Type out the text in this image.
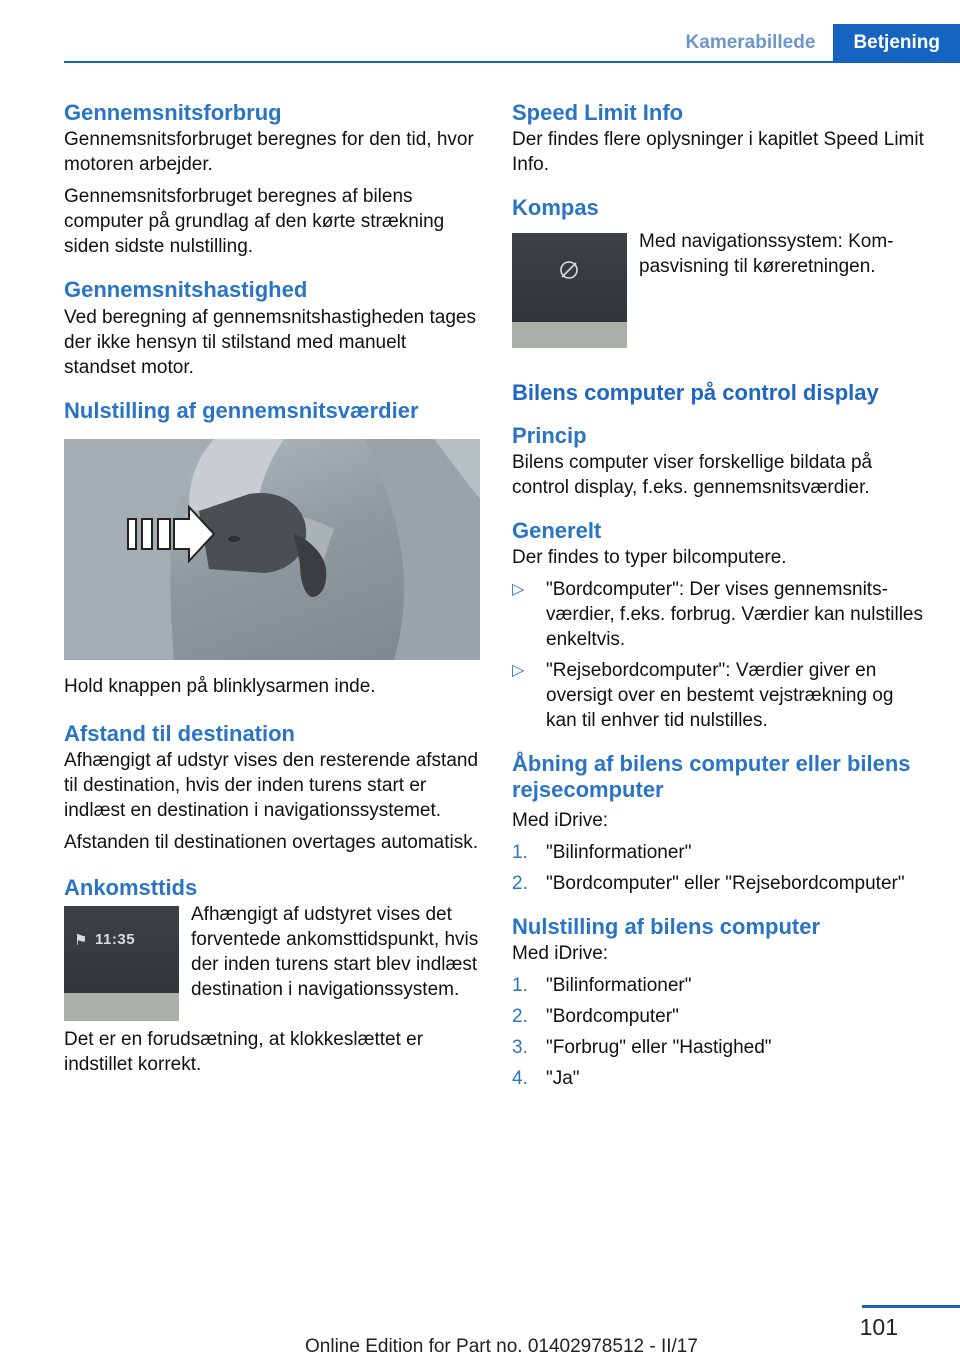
Kamerabillede	Betjening
Gennemsnitsforbrug

Gennemsnitsforbruget beregnes for den tid, hvor motoren arbejder.

Gennemsnitsforbruget beregnes af bilens computer på grundlag af den kørte strækning siden sidste nulstilling.

Gennemsnitshastighed

Ved beregning af gennemsnitshastigheden tages der ikke hensyn til stilstand med manuelt standset motor.

Nulstilling af gennemsnitsværdier

Hold knappen på blinklysarmen inde.

Afstand til destination

Afhængigt af udstyr vises den resterende afstand til destination, hvis der inden turens start er indlæst en destination i navigationssystemet.

Afstanden til destinationen overtages automatisk.

Ankomsttids
⚑ 11:35

Afhængigt af udstyret vises det forventede ankomsttidspunkt, hvis der inden turens start blev indlæst destination i navigationssystem.

Det er en forudsætning, at klokkeslættet er indstillet korrekt.

Speed Limit Info

Der findes flere oplysninger i kapitlet Speed Limit Info.

Kompas

Med navigationssystem: Kompasvisning til køreretningen.

Bilens computer på control display
Princip

Bilens computer viser forskellige bildata på control display, f.eks. gennemsnitsværdier.

Generelt

Der findes to typer bilcomputere.

▷ "Bordcomputer": Der vises gennemsnitsværdier, f.eks. forbrug. Værdier kan nulstilles enkeltvis.
▷ "Rejsebordcomputer": Værdier giver en oversigt over en bestemt vejstrækning og kan til enhver tid nulstilles.
Åbning af bilens computer eller bilens rejsecomputer

Med iDrive:

1. "Bilinformationer"
2. "Bordcomputer" eller "Rejsebordcomputer"
Nulstilling af bilens computer

Med iDrive:

1. "Bilinformationer"
2. "Bordcomputer"
3. "Forbrug" eller "Hastighed"
4. "Ja"
101
Online Edition for Part no. 01402978512 - II/17
